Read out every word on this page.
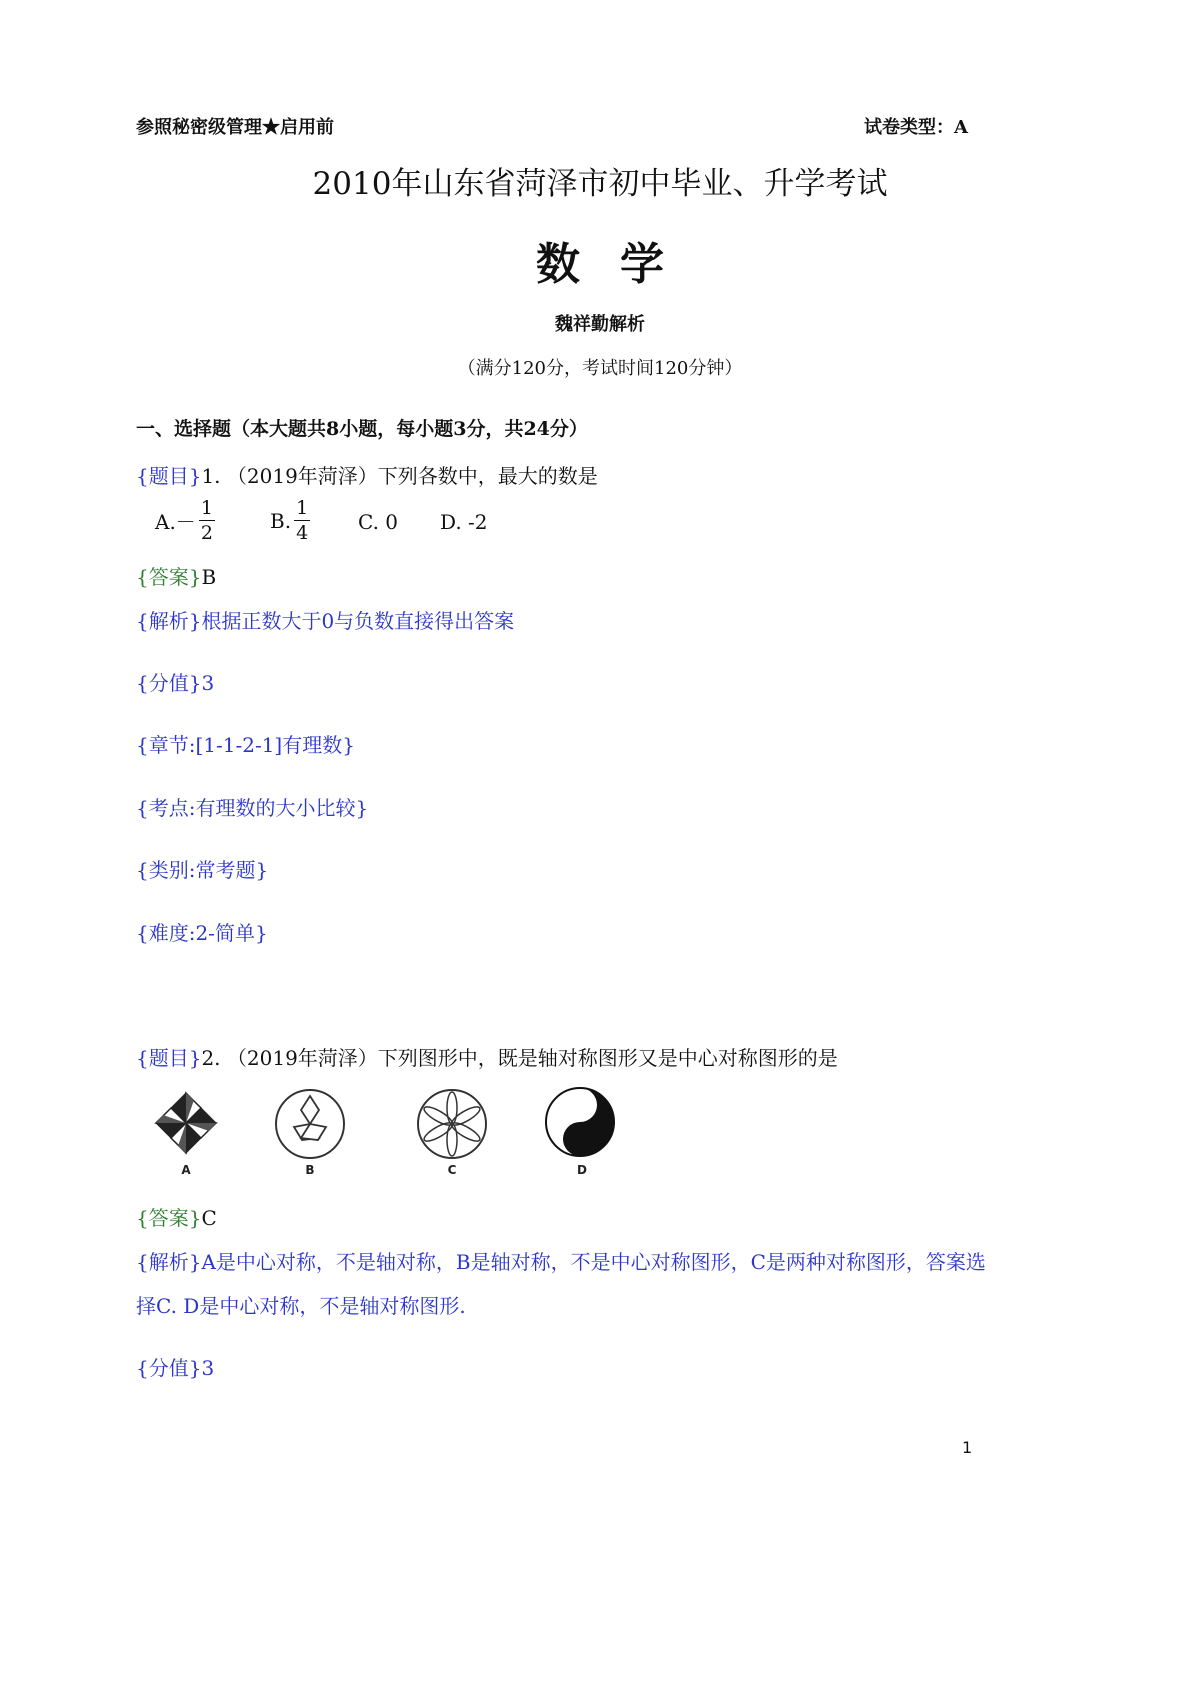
参照秘密级管理★启用前	试卷类型：A
2010年山东省菏泽市初中毕业、升学考试
数学
魏祥勤解析
（满分120分，考试时间120分钟）
一、选择题（本大题共8小题，每小题3分，共24分）
{题目}1. （2019年菏泽）下列各数中，最大的数是
$A.- \frac{1}{2}$	B. $\frac{1}{4} C$. 0 D. -2
{答案}B
{解析}根据正数大于0与负数直接得出答案
{分值}3
{章节:[1-1-2-1]有理数}
{考点:有理数的大小比较}
{类别:常考题}
{难度:2-简单}
{题目}2. （2019年菏泽）下列图形中，既是轴对称图形又是中心对称图形的是
A	B	C	D
{答案}C
{解析}A是中心对称，不是轴对称，B是轴对称，不是中心对称图形，C是两种对称图形，答案选
择C. D是中心对称，不是轴对称图形.
{分值}3
1
